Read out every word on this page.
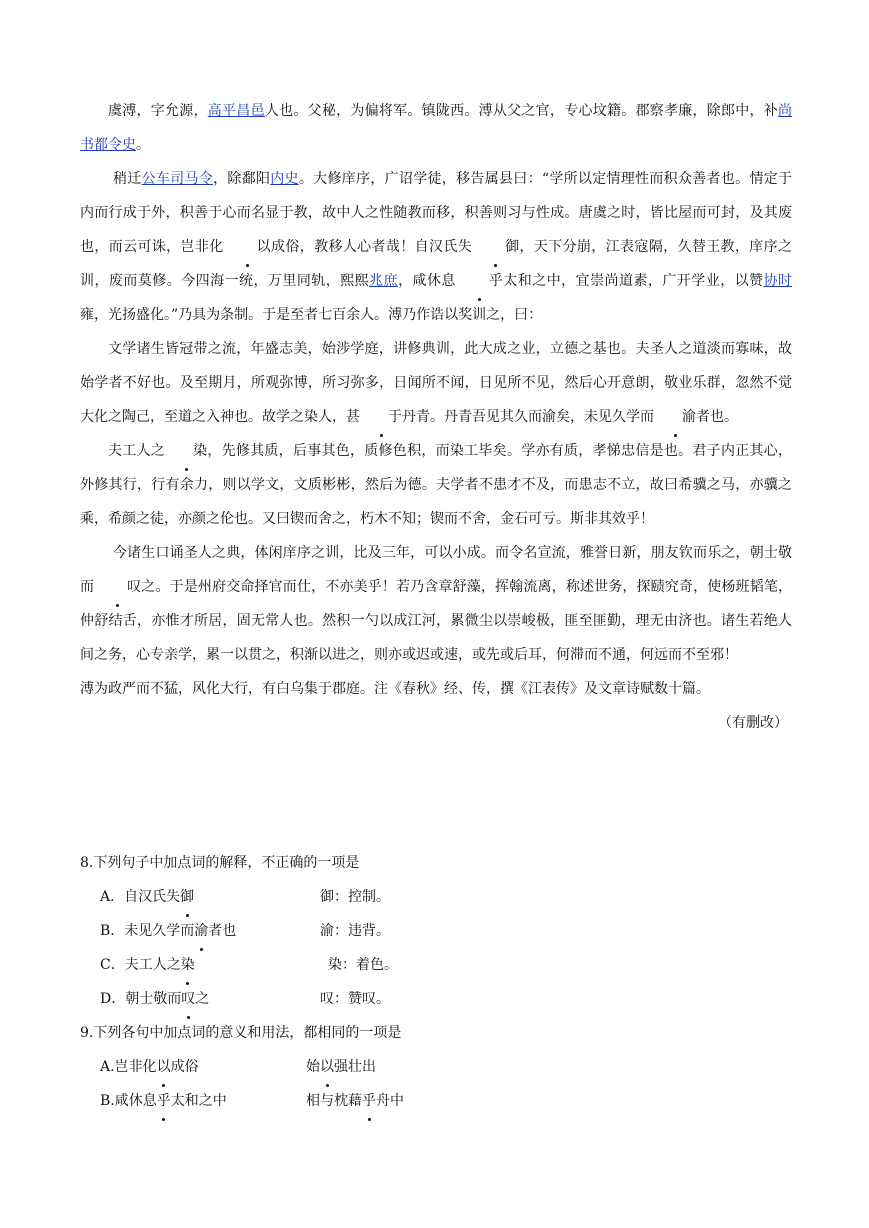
虞溥，字允源，高平昌邑人也。父秘，为偏将军。镇陇西。溥从父之官，专心坟籍。郡察孝廉，除郎中，补尚书都令史。

稍迁公车司马令，除鄱阳内史。大修庠序，广诏学徒，移告属县曰：“学所以定情理性而积众善者也。情定于内而行成于外，积善于心而名显于教，故中人之性随教而移，积善则习与性成。唐虞之时，皆比屋而可封，及其废也，而云可诛，岂非化 以成俗，教移人心者哉！自汉氏失 御，天下分崩，江表寇隔，久替王教，庠序之训，废而莫修。今四海一统，万里同轨，熙熙兆庶，咸休息 乎太和之中，宜崇尚道素，广开学业，以赞协时雍，光扬盛化。”乃具为条制。于是至者七百余人。溥乃作诰以奖训之，曰：

文学诸生皆冠带之流，年盛志美，始涉学庭，讲修典训，此大成之业，立德之基也。夫圣人之道淡而寡味，故始学者不好也。及至期月，所观弥博，所习弥多，日闻所不闻，日见所不见，然后心开意朗，敬业乐群，忽然不觉大化之陶己，至道之入神也。故学之染人，甚 于丹青。丹青吾见其久而渝矣，未见久学而 渝者也。

夫工人之 染，先修其质，后事其色，质修色积，而染工毕矣。学亦有质，孝悌忠信是也。君子内正其心，外修其行，行有余力，则以学文，文质彬彬，然后为德。夫学者不患才不及，而患志不立，故曰希骥之马，亦骥之乘，希颜之徒，亦颜之伦也。又曰锲而舍之，朽木不知；锲而不舍，金石可亏。斯非其效乎！

今诸生口诵圣人之典，体闲庠序之训，比及三年，可以小成。而令名宣流，雅誉日新，朋友钦而乐之，朝士敬而 叹之。于是州府交命择官而仕，不亦美乎！若乃含章舒藻，挥翰流离，称述世务，探赜究奇，使杨班韬笔，仲舒结舌，亦惟才所居，固无常人也。然积一勺以成江河，累微尘以崇峻极，匪至匪勤，理无由济也。诸生若绝人间之务，心专亲学，累一以贯之，积渐以进之，则亦或迟或速，或先或后耳，何滞而不通，何远而不至邪！

溥为政严而不猛，风化大行，有白乌集于郡庭。注《春秋》经、传，撰《江表传》及文章诗赋数十篇。

（有删改）

8.下列句子中加点词的解释，不正确的一项是

A．自汉氏失御	御：控制。
B．未见久学而渝者也	渝：违背。
C．夫工人之染	染：着色。
D．朝士敬而叹之	叹：赞叹。

9.下列各句中加点词的意义和用法，都相同的一项是

A.岂非化以成俗	始以强壮出
B.咸休息乎太和之中	相与枕藉乎舟中
